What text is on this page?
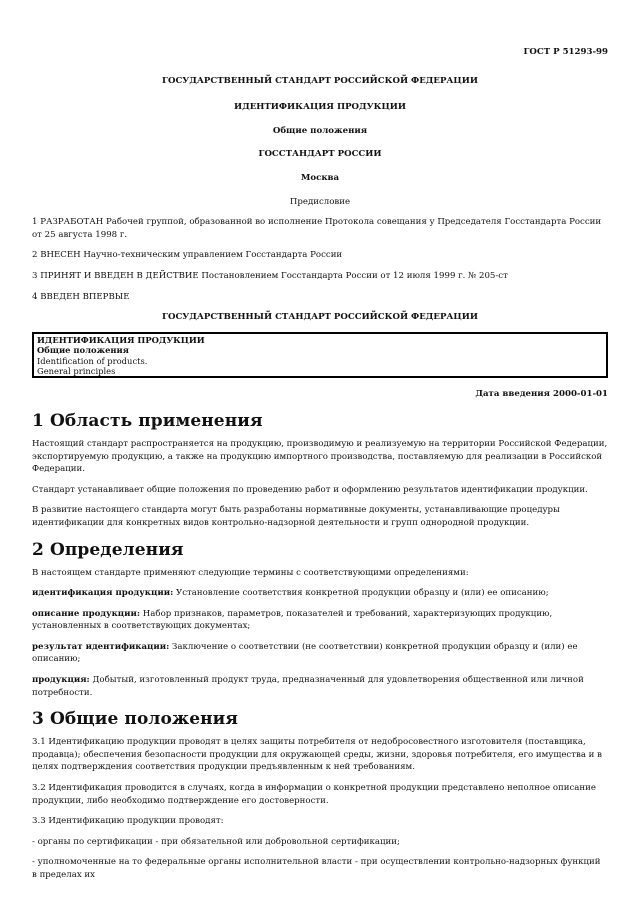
ГОСТ Р 51293-99
ГОСУДАРСТВЕННЫЙ СТАНДАРТ РОССИЙСКОЙ ФЕДЕРАЦИИ
ИДЕНТИФИКАЦИЯ ПРОДУКЦИИ
Общие положения
ГОССТАНДАРТ РОССИИ
Москва
Предисловие

1 РАЗРАБОТАН Рабочей группой, образованной во исполнение Протокола совещания у Председателя Госстандарта России от 25 августа 1998 г.

2 ВНЕСЕН Научно-техническим управлением Госстандарта России

3 ПРИНЯТ И ВВЕДЕН В ДЕЙСТВИЕ Постановлением Госстандарта России от 12 июля 1999 г. № 205-ст

4 ВВЕДЕН ВПЕРВЫЕ

ГОСУДАРСТВЕННЫЙ СТАНДАРТ РОССИЙСКОЙ ФЕДЕРАЦИИ
ИДЕНТИФИКАЦИЯ ПРОДУКЦИИ
Общие положения
Identification of products.
General principles
Дата введения 2000-01-01
1 Область применения

Настоящий стандарт распространяется на продукцию, производимую и реализуемую на территории Российской Федерации, экспортируемую продукцию, а также на продукцию импортного производства, поставляемую для реализации в Российской Федерации.

Стандарт устанавливает общие положения по проведению работ и оформлению результатов идентификации продукции.

В развитие настоящего стандарта могут быть разработаны нормативные документы, устанавливающие процедуры идентификации для конкретных видов контрольно-надзорной деятельности и групп однородной продукции.

2 Определения

В настоящем стандарте применяют следующие термины с соответствующими определениями:

идентификация продукции: Установление соответствия конкретной продукции образцу и (или) ее описанию;

описание продукции: Набор признаков, параметров, показателей и требований, характеризующих продукцию, установленных в соответствующих документах;

результат идентификации: Заключение о соответствии (не соответствии) конкретной продукции образцу и (или) ее описанию;

продукция: Добытый, изготовленный продукт труда, предназначенный для удовлетворения общественной или личной потребности.

3 Общие положения

3.1 Идентификацию продукции проводят в целях защиты потребителя от недобросовестного изготовителя (поставщика, продавца); обеспечения безопасности продукции для окружающей среды, жизни, здоровья потребителя, его имущества и в целях подтверждения соответствия продукции предъявленным к ней требованиям.

3.2 Идентификация проводится в случаях, когда в информации о конкретной продукции представлено неполное описание продукции, либо необходимо подтверждение его достоверности.

3.3 Идентификацию продукции проводят:

- органы по сертификации - при обязательной или добровольной сертификации;

- уполномоченные на то федеральные органы исполнительной власти - при осуществлении контрольно-надзорных функций в пределах их
